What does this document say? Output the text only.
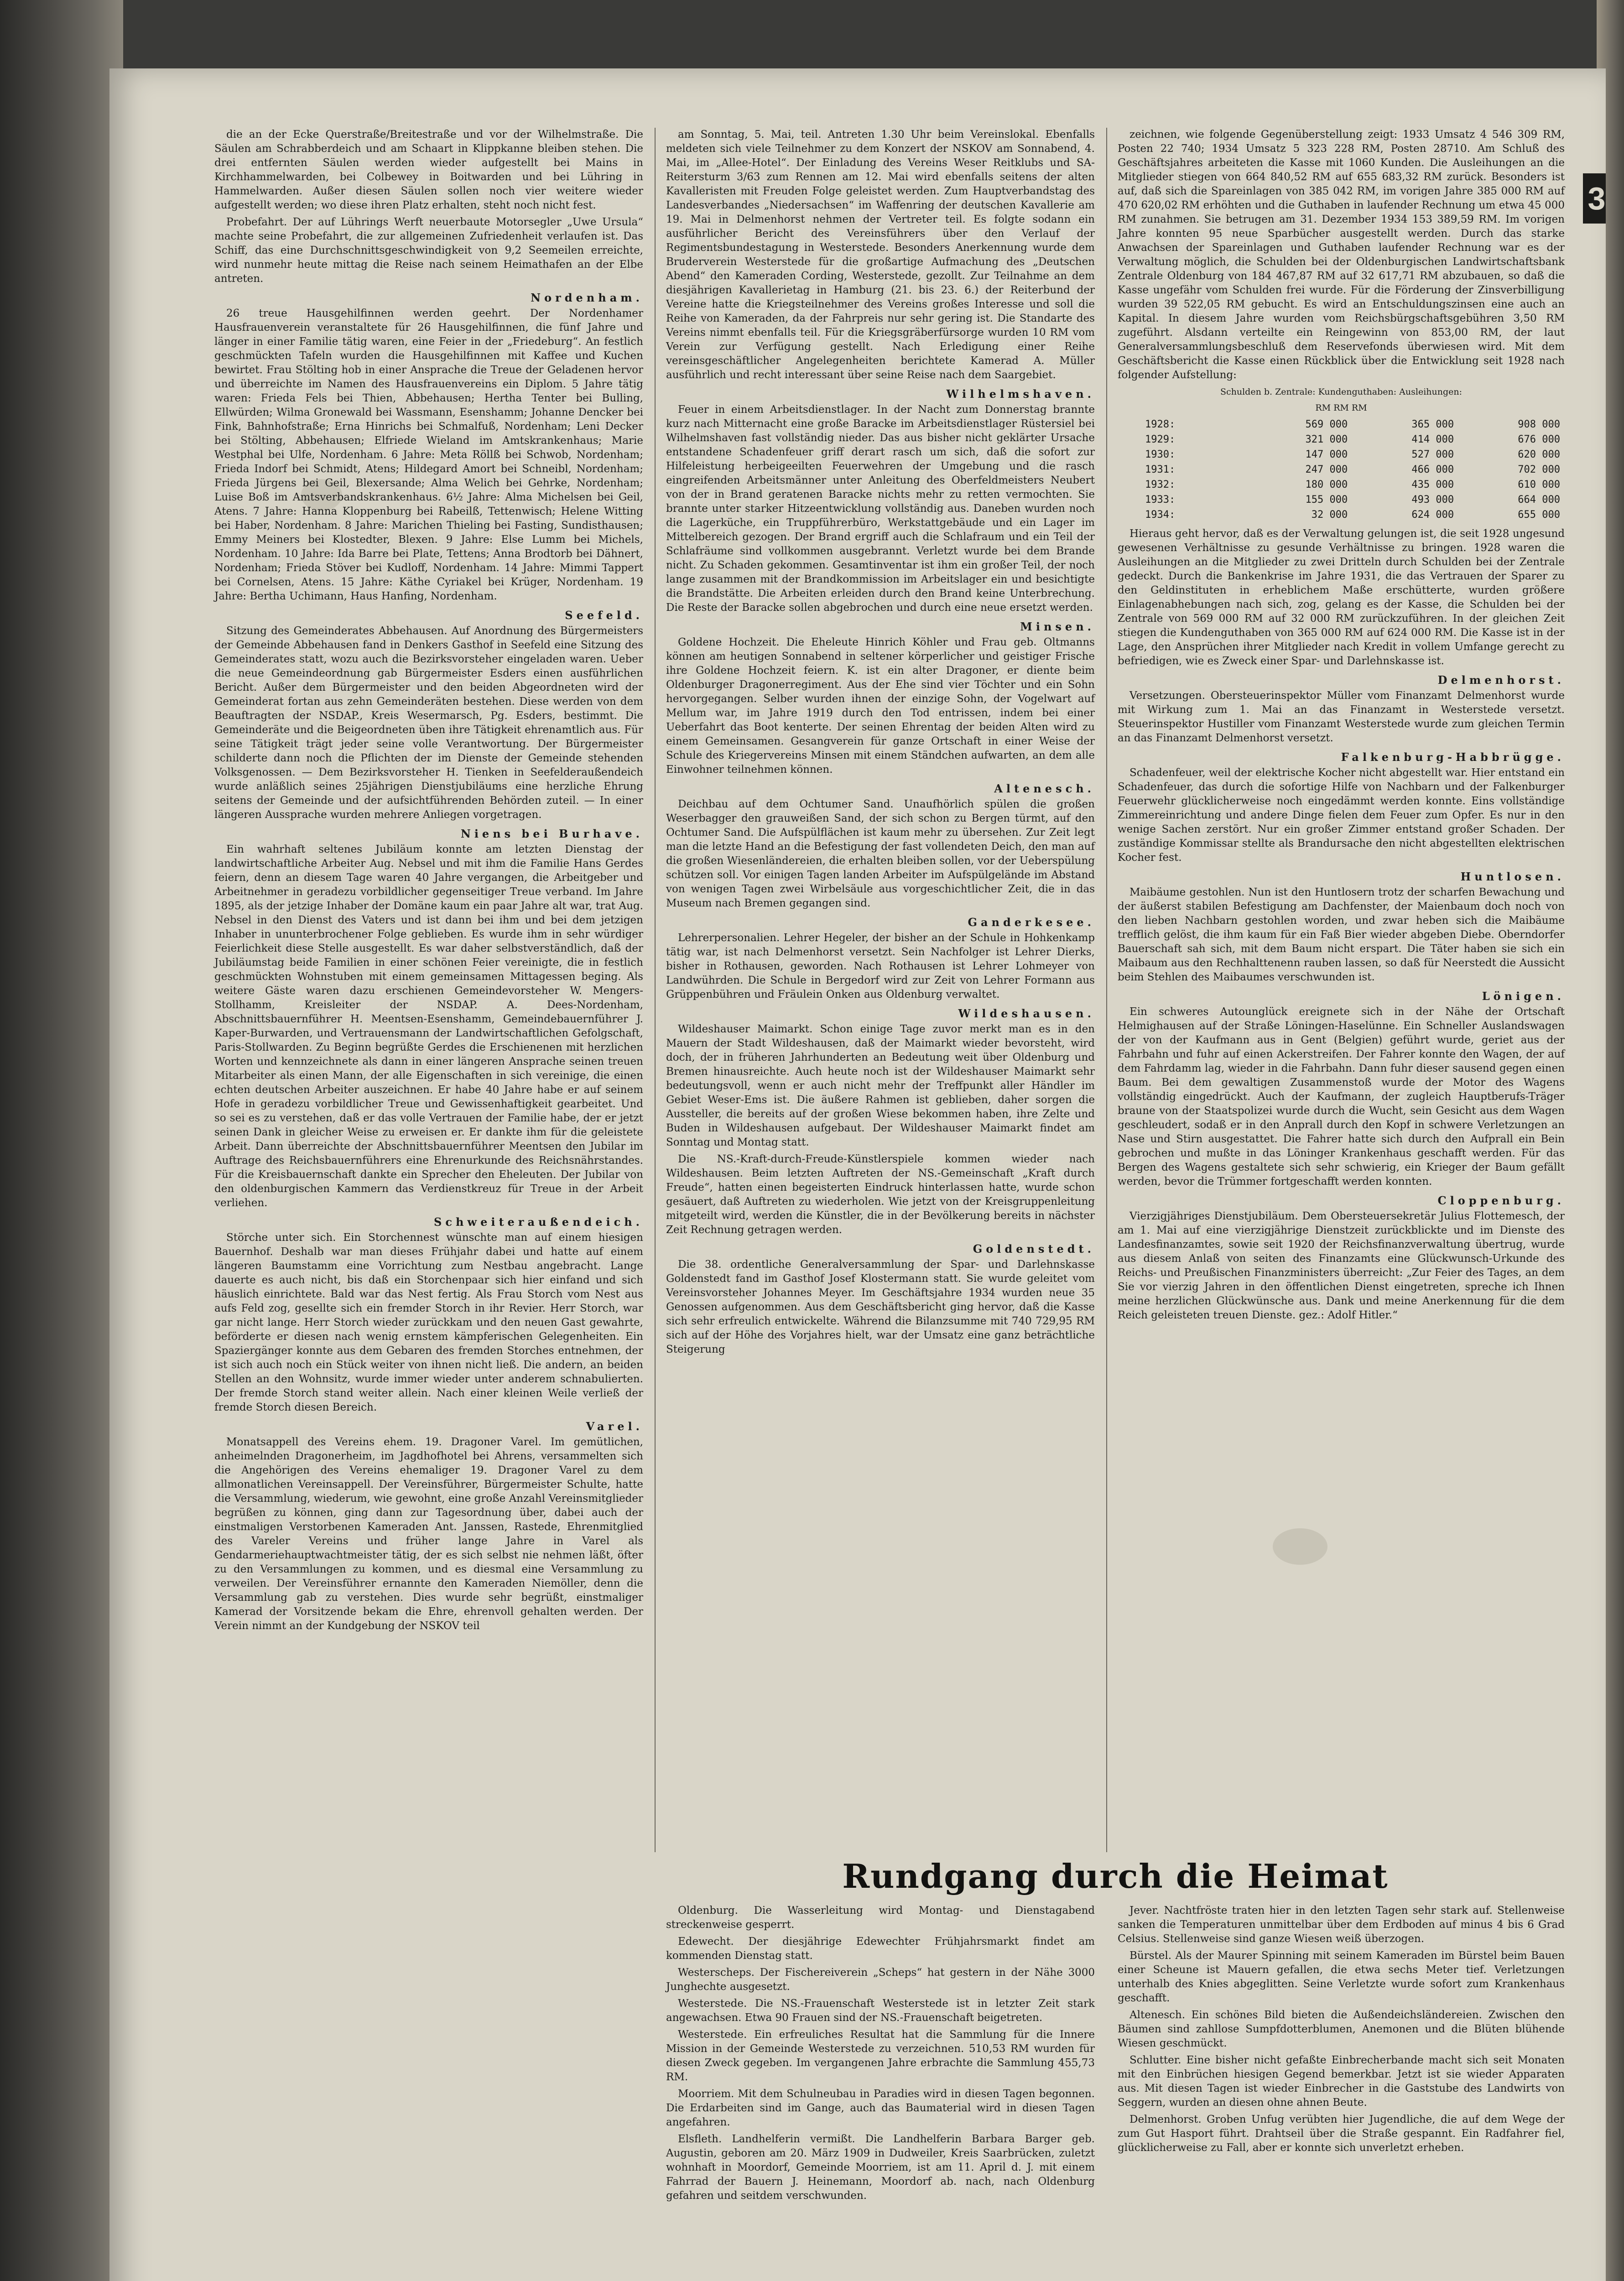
die an der Ecke Querstraße/Breitestraße und vor der Wilhelmstraße. Die Säulen am Schrabberdeich und am Schaart in Klippkanne bleiben stehen. Die drei entfernten Säulen werden wieder aufgestellt bei Mains in Kirchhammelwarden, bei Colbewey in Boitwarden und bei Lühring in Hammelwarden. Außer diesen Säulen sollen noch vier weitere wieder aufgestellt werden; wo diese ihren Platz erhalten, steht noch nicht fest.

Probefahrt. Der auf Lührings Werft neuerbaute Motorsegler „Uwe Ursula“ machte seine Probefahrt, die zur allgemeinen Zufriedenheit verlaufen ist. Das Schiff, das eine Durchschnittsgeschwindigkeit von 9,2 Seemeilen erreichte, wird nunmehr heute mittag die Reise nach seinem Heimathafen an der Elbe antreten.

Nordenham.

26 treue Hausgehilfinnen werden geehrt. Der Nordenhamer Hausfrauenverein veranstaltete für 26 Hausgehilfinnen, die fünf Jahre und länger in einer Familie tätig waren, eine Feier in der „Friedeburg“. An festlich geschmückten Tafeln wurden die Hausgehilfinnen mit Kaffee und Kuchen bewirtet. Frau Stölting hob in einer Ansprache die Treue der Geladenen hervor und überreichte im Namen des Hausfrauenvereins ein Diplom. 5 Jahre tätig waren: Frieda Fels bei Thien, Abbehausen; Hertha Tenter bei Bulling, Ellwürden; Wilma Gronewald bei Wassmann, Esenshamm; Johanne Dencker bei Fink, Bahnhofstraße; Erna Hinrichs bei Schmalfuß, Nordenham; Leni Decker bei Stölting, Abbehausen; Elfriede Wieland im Amtskrankenhaus; Marie Westphal bei Ulfe, Nordenham. 6 Jahre: Meta Röllß bei Schwob, Nordenham; Frieda Indorf bei Schmidt, Atens; Hildegard Amort bei Schneibl, Nordenham; Frieda Jürgens bei Geil, Blexersande; Alma Welich bei Gehrke, Nordenham; Luise Boß im Amtsverbandskrankenhaus. 6½ Jahre: Alma Michelsen bei Geil, Atens. 7 Jahre: Hanna Kloppenburg bei Rabeilß, Tettenwisch; Helene Witting bei Haber, Nordenham. 8 Jahre: Marichen Thieling bei Fasting, Sundisthausen; Emmy Meiners bei Klostedter, Blexen. 9 Jahre: Else Lumm bei Michels, Nordenham. 10 Jahre: Ida Barre bei Plate, Tettens; Anna Brodtorb bei Dähnert, Nordenham; Frieda Stöver bei Kudloff, Nordenham. 14 Jahre: Mimmi Tappert bei Cornelsen, Atens. 15 Jahre: Käthe Cyriakel bei Krüger, Nordenham. 19 Jahre: Bertha Uchimann, Haus Hanfing, Nordenham.

Seefeld.

Sitzung des Gemeinderates Abbehausen. Auf Anordnung des Bürgermeisters der Gemeinde Abbehausen fand in Denkers Gasthof in Seefeld eine Sitzung des Gemeinderates statt, wozu auch die Bezirksvorsteher eingeladen waren. Ueber die neue Gemeindeordnung gab Bürgermeister Esders einen ausführlichen Bericht. Außer dem Bürgermeister und den beiden Abgeordneten wird der Gemeinderat fortan aus zehn Gemeinderäten bestehen. Diese werden von dem Beauftragten der NSDAP., Kreis Wesermarsch, Pg. Esders, bestimmt. Die Gemeinderäte und die Beigeordneten üben ihre Tätigkeit ehrenamtlich aus. Für seine Tätigkeit trägt jeder seine volle Verantwortung. Der Bürgermeister schilderte dann noch die Pflichten der im Dienste der Gemeinde stehenden Volksgenossen. — Dem Bezirksvorsteher H. Tienken in Seefelderaußendeich wurde anläßlich seines 25jährigen Dienstjubiläums eine herzliche Ehrung seitens der Gemeinde und der aufsichtführenden Behörden zuteil. — In einer längeren Aussprache wurden mehrere Anliegen vorgetragen.

Niens bei Burhave.

Ein wahrhaft seltenes Jubiläum konnte am letzten Dienstag der landwirtschaftliche Arbeiter Aug. Nebsel und mit ihm die Familie Hans Gerdes feiern, denn an diesem Tage waren 40 Jahre vergangen, die Arbeitgeber und Arbeitnehmer in geradezu vorbildlicher gegenseitiger Treue verband. Im Jahre 1895, als der jetzige Inhaber der Domäne kaum ein paar Jahre alt war, trat Aug. Nebsel in den Dienst des Vaters und ist dann bei ihm und bei dem jetzigen Inhaber in ununterbrochener Folge geblieben. Es wurde ihm in sehr würdiger Feierlichkeit diese Stelle ausgestellt. Es war daher selbstverständlich, daß der Jubiläumstag beide Familien in einer schönen Feier vereinigte, die in festlich geschmückten Wohnstuben mit einem gemeinsamen Mittagessen beging. Als weitere Gäste waren dazu erschienen Gemeindevorsteher W. Mengers-Stollhamm, Kreisleiter der NSDAP. A. Dees-Nordenham, Abschnittsbauernführer H. Meentsen-Esenshamm, Gemeindebauernführer J. Kaper-Burwarden, und Vertrauensmann der Landwirtschaftlichen Gefolgschaft, Paris-Stollwarden. Zu Beginn begrüßte Gerdes die Erschienenen mit herzlichen Worten und kennzeichnete als dann in einer längeren Ansprache seinen treuen Mitarbeiter als einen Mann, der alle Eigenschaften in sich vereinige, die einen echten deutschen Arbeiter auszeichnen. Er habe 40 Jahre habe er auf seinem Hofe in geradezu vorbildlicher Treue und Gewissenhaftigkeit gearbeitet. Und so sei es zu verstehen, daß er das volle Vertrauen der Familie habe, der er jetzt seinen Dank in gleicher Weise zu erweisen er. Er dankte ihm für die geleistete Arbeit. Dann überreichte der Abschnittsbauernführer Meentsen den Jubilar im Auftrage des Reichsbauernführers eine Ehrenurkunde des Reichsnährstandes. Für die Kreisbauernschaft dankte ein Sprecher den Eheleuten. Der Jubilar von den oldenburgischen Kammern das Verdienstkreuz für Treue in der Arbeit verliehen.

Schweiteraußendeich.

Störche unter sich. Ein Storchennest wünschte man auf einem hiesigen Bauernhof. Deshalb war man dieses Frühjahr dabei und hatte auf einem längeren Baumstamm eine Vorrichtung zum Nestbau angebracht. Lange dauerte es auch nicht, bis daß ein Storchenpaar sich hier einfand und sich häuslich einrichtete. Bald war das Nest fertig. Als Frau Storch vom Nest aus aufs Feld zog, gesellte sich ein fremder Storch in ihr Revier. Herr Storch, war gar nicht lange. Herr Storch wieder zurückkam und den neuen Gast gewahrte, beförderte er diesen nach wenig ernstem kämpferischen Gelegenheiten. Ein Spaziergänger konnte aus dem Gebaren des fremden Storches entnehmen, der ist sich auch noch ein Stück weiter von ihnen nicht ließ. Die andern, an beiden Stellen an den Wohnsitz, wurde immer wieder unter anderem schnabulierten. Der fremde Storch stand weiter allein. Nach einer kleinen Weile verließ der fremde Storch diesen Bereich.

Varel.

Monatsappell des Vereins ehem. 19. Dragoner Varel. Im gemütlichen, anheimelnden Dragonerheim, im Jagdhofhotel bei Ahrens, versammelten sich die Angehörigen des Vereins ehemaliger 19. Dragoner Varel zu dem allmonatlichen Vereinsappell. Der Vereinsführer, Bürgermeister Schulte, hatte die Versammlung, wiederum, wie gewohnt, eine große Anzahl Vereinsmitglieder begrüßen zu können, ging dann zur Tagesordnung über, dabei auch der einstmaligen Verstorbenen Kameraden Ant. Janssen, Rastede, Ehrenmitglied des Vareler Vereins und früher lange Jahre in Varel als Gendarmeriehauptwachtmeister tätig, der es sich selbst nie nehmen läßt, öfter zu den Versammlungen zu kommen, und es diesmal eine Versammlung zu verweilen. Der Vereinsführer ernannte den Kameraden Niemöller, denn die Versammlung gab zu verstehen. Dies wurde sehr begrüßt, einstmaliger Kamerad der Vorsitzende bekam die Ehre, ehrenvoll gehalten werden. Der Verein nimmt an der Kundgebung der NSKOV teil

am Sonntag, 5. Mai, teil. Antreten 1.30 Uhr beim Vereinslokal. Ebenfalls meldeten sich viele Teilnehmer zu dem Konzert der NSKOV am Sonnabend, 4. Mai, im „Allee-Hotel“. Der Einladung des Vereins Weser Reitklubs und SA-Reitersturm 3/63 zum Rennen am 12. Mai wird ebenfalls seitens der alten Kavalleristen mit Freuden Folge geleistet werden. Zum Hauptverbandstag des Landesverbandes „Niedersachsen“ im Waffenring der deutschen Kavallerie am 19. Mai in Delmenhorst nehmen der Vertreter teil. Es folgte sodann ein ausführlicher Bericht des Vereinsführers über den Verlauf der Regimentsbundestagung in Westerstede. Besonders Anerkennung wurde dem Bruderverein Westerstede für die großartige Aufmachung des „Deutschen Abend“ den Kameraden Cording, Westerstede, gezollt. Zur Teilnahme an dem diesjährigen Kavallerietag in Hamburg (21. bis 23. 6.) der Reiterbund der Vereine hatte die Kriegsteilnehmer des Vereins großes Interesse und soll die Reihe von Kameraden, da der Fahrpreis nur sehr gering ist. Die Standarte des Vereins nimmt ebenfalls teil. Für die Kriegsgräberfürsorge wurden 10 RM vom Verein zur Verfügung gestellt. Nach Erledigung einer Reihe vereinsgeschäftlicher Angelegenheiten berichtete Kamerad A. Müller ausführlich und recht interessant über seine Reise nach dem Saargebiet.

Wilhelmshaven.

Feuer in einem Arbeitsdienstlager. In der Nacht zum Donnerstag brannte kurz nach Mitternacht eine große Baracke im Arbeitsdienstlager Rüstersiel bei Wilhelmshaven fast vollständig nieder. Das aus bisher nicht geklärter Ursache entstandene Schadenfeuer griff derart rasch um sich, daß die sofort zur Hilfeleistung herbeigeeilten Feuerwehren der Umgebung und die rasch eingreifenden Arbeitsmänner unter Anleitung des Oberfeldmeisters Neubert von der in Brand geratenen Baracke nichts mehr zu retten vermochten. Sie brannte unter starker Hitzeentwicklung vollständig aus. Daneben wurden noch die Lagerküche, ein Truppführerbüro, Werkstattgebäude und ein Lager im Mittelbereich gezogen. Der Brand ergriff auch die Schlafraum und ein Teil der Schlafräume sind vollkommen ausgebrannt. Verletzt wurde bei dem Brande nicht. Zu Schaden gekommen. Gesamtinventar ist ihm ein großer Teil, der noch lange zusammen mit der Brandkommission im Arbeitslager ein und besichtigte die Brandstätte. Die Arbeiten erleiden durch den Brand keine Unterbrechung. Die Reste der Baracke sollen abgebrochen und durch eine neue ersetzt werden.

Minsen.

Goldene Hochzeit. Die Eheleute Hinrich Köhler und Frau geb. Oltmanns können am heutigen Sonnabend in seltener körperlicher und geistiger Frische ihre Goldene Hochzeit feiern. K. ist ein alter Dragoner, er diente beim Oldenburger Dragonerregiment. Aus der Ehe sind vier Töchter und ein Sohn hervorgegangen. Selber wurden ihnen der einzige Sohn, der Vogelwart auf Mellum war, im Jahre 1919 durch den Tod entrissen, indem bei einer Ueberfahrt das Boot kenterte. Der seinen Ehrentag der beiden Alten wird zu einem Gemeinsamen. Gesangverein für ganze Ortschaft in einer Weise der Schule des Kriegervereins Minsen mit einem Ständchen aufwarten, an dem alle Einwohner teilnehmen können.

Altenesch.

Deichbau auf dem Ochtumer Sand. Unaufhörlich spülen die großen Weserbagger den grauweißen Sand, der sich schon zu Bergen türmt, auf den Ochtumer Sand. Die Aufspülflächen ist kaum mehr zu übersehen. Zur Zeit legt man die letzte Hand an die Befestigung der fast vollendeten Deich, den man auf die großen Wiesenländereien, die erhalten bleiben sollen, vor der Ueberspülung schützen soll. Vor einigen Tagen landen Arbeiter im Aufspülgelände im Abstand von wenigen Tagen zwei Wirbelsäule aus vorgeschichtlicher Zeit, die in das Museum nach Bremen gegangen sind.

Ganderkesee.

Lehrerpersonalien. Lehrer Hegeler, der bisher an der Schule in Hohkenkamp tätig war, ist nach Delmenhorst versetzt. Sein Nachfolger ist Lehrer Dierks, bisher in Rothausen, geworden. Nach Rothausen ist Lehrer Lohmeyer von Landwührden. Die Schule in Bergedorf wird zur Zeit von Lehrer Formann aus Grüppenbühren und Fräulein Onken aus Oldenburg verwaltet.

Wildeshausen.

Wildeshauser Maimarkt. Schon einige Tage zuvor merkt man es in den Mauern der Stadt Wildeshausen, daß der Maimarkt wieder bevorsteht, wird doch, der in früheren Jahrhunderten an Bedeutung weit über Oldenburg und Bremen hinausreichte. Auch heute noch ist der Wildeshauser Maimarkt sehr bedeutungsvoll, wenn er auch nicht mehr der Treffpunkt aller Händler im Gebiet Weser-Ems ist. Die äußere Rahmen ist geblieben, daher sorgen die Aussteller, die bereits auf der großen Wiese bekommen haben, ihre Zelte und Buden in Wildeshausen aufgebaut. Der Wildeshauser Maimarkt findet am Sonntag und Montag statt.

Die NS.-Kraft-durch-Freude-Künstlerspiele kommen wieder nach Wildeshausen. Beim letzten Auftreten der NS.-Gemeinschaft „Kraft durch Freude“, hatten einen begeisterten Eindruck hinterlassen hatte, wurde schon gesäuert, daß Auftreten zu wiederholen. Wie jetzt von der Kreisgruppenleitung mitgeteilt wird, werden die Künstler, die in der Bevölkerung bereits in nächster Zeit Rechnung getragen werden.

Goldenstedt.

Die 38. ordentliche Generalversammlung der Spar- und Darlehnskasse Goldenstedt fand im Gasthof Josef Klostermann statt. Sie wurde geleitet vom Vereinsvorsteher Johannes Meyer. Im Geschäftsjahre 1934 wurden neue 35 Genossen aufgenommen. Aus dem Geschäftsbericht ging hervor, daß die Kasse sich sehr erfreulich entwickelte. Während die Bilanzsumme mit 740 729,95 RM sich auf der Höhe des Vorjahres hielt, war der Umsatz eine ganz beträchtliche Steigerung

zeichnen, wie folgende Gegenüberstellung zeigt: 1933 Umsatz 4 546 309 RM, Posten 22 740; 1934 Umsatz 5 323 228 RM, Posten 28710. Am Schluß des Geschäftsjahres arbeiteten die Kasse mit 1060 Kunden. Die Ausleihungen an die Mitglieder stiegen von 664 840,52 RM auf 655 683,32 RM zurück. Besonders ist auf, daß sich die Spareinlagen von 385 042 RM, im vorigen Jahre 385 000 RM auf 470 620,02 RM erhöhten und die Guthaben in laufender Rechnung um etwa 45 000 RM zunahmen. Sie betrugen am 31. Dezember 1934 153 389,59 RM. Im vorigen Jahre konnten 95 neue Sparbücher ausgestellt werden. Durch das starke Anwachsen der Spareinlagen und Guthaben laufender Rechnung war es der Verwaltung möglich, die Schulden bei der Oldenburgischen Landwirtschaftsbank Zentrale Oldenburg von 184 467,87 RM auf 32 617,71 RM abzubauen, so daß die Kasse ungefähr vom Schulden frei wurde. Für die Förderung der Zinsverbilligung wurden 39 522,05 RM gebucht. Es wird an Entschuldungszinsen eine auch an Kapital. In diesem Jahre wurden vom Reichsbürgschaftsgebühren 3,50 RM zugeführt. Alsdann verteilte ein Reingewinn von 853,00 RM, der laut Generalversammlungsbeschluß dem Reservefonds überwiesen wird. Mit dem Geschäftsbericht die Kasse einen Rückblick über die Entwicklung seit 1928 nach folgender Aufstellung:

Schulden b. Zentrale: Kundenguthaben: Ausleihungen:
RM RM RM
1928:	569 000	365 000	908 000
1929:	321 000	414 000	676 000
1930:	147 000	527 000	620 000
1931:	247 000	466 000	702 000
1932:	180 000	435 000	610 000
1933:	155 000	493 000	664 000
1934:	32 000	624 000	655 000

Hieraus geht hervor, daß es der Verwaltung gelungen ist, die seit 1928 ungesund gewesenen Verhältnisse zu gesunde Verhältnisse zu bringen. 1928 waren die Ausleihungen an die Mitglieder zu zwei Dritteln durch Schulden bei der Zentrale gedeckt. Durch die Bankenkrise im Jahre 1931, die das Vertrauen der Sparer zu den Geldinstituten in erheblichem Maße erschütterte, wurden größere Einlagenabhebungen nach sich, zog, gelang es der Kasse, die Schulden bei der Zentrale von 569 000 RM auf 32 000 RM zurückzuführen. In der gleichen Zeit stiegen die Kundenguthaben von 365 000 RM auf 624 000 RM. Die Kasse ist in der Lage, den Ansprüchen ihrer Mitglieder nach Kredit in vollem Umfange gerecht zu befriedigen, wie es Zweck einer Spar- und Darlehnskasse ist.

Delmenhorst.

Versetzungen. Obersteuerinspektor Müller vom Finanzamt Delmenhorst wurde mit Wirkung zum 1. Mai an das Finanzamt in Westerstede versetzt. Steuerinspektor Hustiller vom Finanzamt Westerstede wurde zum gleichen Termin an das Finanzamt Delmenhorst versetzt.

Falkenburg-Habbrügge.

Schadenfeuer, weil der elektrische Kocher nicht abgestellt war. Hier entstand ein Schadenfeuer, das durch die sofortige Hilfe von Nachbarn und der Falkenburger Feuerwehr glücklicherweise noch eingedämmt werden konnte. Eins vollständige Zimmereinrichtung und andere Dinge fielen dem Feuer zum Opfer. Es nur in den wenige Sachen zerstört. Nur ein großer Zimmer entstand großer Schaden. Der zuständige Kommissar stellte als Brandursache den nicht abgestellten elektrischen Kocher fest.

Huntlosen.

Maibäume gestohlen. Nun ist den Huntlosern trotz der scharfen Bewachung und der äußerst stabilen Befestigung am Dachfenster, der Maienbaum doch noch von den lieben Nachbarn gestohlen worden, und zwar heben sich die Maibäume trefflich gelöst, die ihm kaum für ein Faß Bier wieder abgeben Diebe. Oberndorfer Bauerschaft sah sich, mit dem Baum nicht erspart. Die Täter haben sie sich ein Maibaum aus den Rechhalttenenn rauben lassen, so daß für Neerstedt die Aussicht beim Stehlen des Maibaumes verschwunden ist.

Lönigen.

Ein schweres Autounglück ereignete sich in der Nähe der Ortschaft Helmighausen auf der Straße Löningen-Haselünne. Ein Schneller Auslandswagen der von der Kaufmann aus in Gent (Belgien) geführt wurde, geriet aus der Fahrbahn und fuhr auf einen Ackerstreifen. Der Fahrer konnte den Wagen, der auf dem Fahrdamm lag, wieder in die Fahrbahn. Dann fuhr dieser sausend gegen einen Baum. Bei dem gewaltigen Zusammenstoß wurde der Motor des Wagens vollständig eingedrückt. Auch der Kaufmann, der zugleich Hauptberufs-Träger braune von der Staatspolizei wurde durch die Wucht, sein Gesicht aus dem Wagen geschleudert, sodaß er in den Anprall durch den Kopf in schwere Verletzungen an Nase und Stirn ausgestattet. Die Fahrer hatte sich durch den Aufprall ein Bein gebrochen und mußte in das Löninger Krankenhaus geschafft werden. Für das Bergen des Wagens gestaltete sich sehr schwierig, ein Krieger der Baum gefällt werden, bevor die Trümmer fortgeschafft werden konnten.

Cloppenburg.

Vierzigjähriges Dienstjubiläum. Dem Obersteuersekretär Julius Flottemesch, der am 1. Mai auf eine vierzigjährige Dienstzeit zurückblickte und im Dienste des Landesfinanzamtes, sowie seit 1920 der Reichsfinanzverwaltung übertrug, wurde aus diesem Anlaß von seiten des Finanzamts eine Glückwunsch-Urkunde des Reichs- und Preußischen Finanzministers überreicht: „Zur Feier des Tages, an dem Sie vor vierzig Jahren in den öffentlichen Dienst eingetreten, spreche ich Ihnen meine herzlichen Glückwünsche aus. Dank und meine Anerkennung für die dem Reich geleisteten treuen Dienste. gez.: Adolf Hitler.“

Rundgang durch die Heimat

Oldenburg. Die Wasserleitung wird Montag- und Dienstagabend streckenweise gesperrt.

Edewecht. Der diesjährige Edewechter Frühjahrsmarkt findet am kommenden Dienstag statt.

Westerscheps. Der Fischereiverein „Scheps“ hat gestern in der Nähe 3000 Junghechte ausgesetzt.

Westerstede. Die NS.-Frauenschaft Westerstede ist in letzter Zeit stark angewachsen. Etwa 90 Frauen sind der NS.-Frauenschaft beigetreten.

Westerstede. Ein erfreuliches Resultat hat die Sammlung für die Innere Mission in der Gemeinde Westerstede zu verzeichnen. 510,53 RM wurden für diesen Zweck gegeben. Im vergangenen Jahre erbrachte die Sammlung 455,73 RM.

Moorriem. Mit dem Schulneubau in Paradies wird in diesen Tagen begonnen. Die Erdarbeiten sind im Gange, auch das Baumaterial wird in diesen Tagen angefahren.

Elsfleth. Landhelferin vermißt. Die Landhelferin Barbara Barger geb. Augustin, geboren am 20. März 1909 in Dudweiler, Kreis Saarbrücken, zuletzt wohnhaft in Moordorf, Gemeinde Moorriem, ist am 11. April d. J. mit einem Fahrrad der Bauern J. Heinemann, Moordorf ab. nach, nach Oldenburg gefahren und seitdem verschwunden.

Jever. Nachtfröste traten hier in den letzten Tagen sehr stark auf. Stellenweise sanken die Temperaturen unmittelbar über dem Erdboden auf minus 4 bis 6 Grad Celsius. Stellenweise sind ganze Wiesen weiß überzogen.

Bürstel. Als der Maurer Spinning mit seinem Kameraden im Bürstel beim Bauen einer Scheune ist Mauern gefallen, die etwa sechs Meter tief. Verletzungen unterhalb des Knies abgeglitten. Seine Verletzte wurde sofort zum Krankenhaus geschafft.

Altenesch. Ein schönes Bild bieten die Außendeichsländereien. Zwischen den Bäumen sind zahllose Sumpfdotterblumen, Anemonen und die Blüten blühende Wiesen geschmückt.

Schlutter. Eine bisher nicht gefaßte Einbrecherbande macht sich seit Monaten mit den Einbrüchen hiesigen Gegend bemerkbar. Jetzt ist sie wieder Apparaten aus. Mit diesen Tagen ist wieder Einbrecher in die Gaststube des Landwirts von Seggern, wurden an diesen ohne ahnen Beute.

Delmenhorst. Groben Unfug verübten hier Jugendliche, die auf dem Wege der zum Gut Hasport führt. Drahtseil über die Straße gespannt. Ein Radfahrer fiel, glücklicherweise zu Fall, aber er konnte sich unverletzt erheben.

3
